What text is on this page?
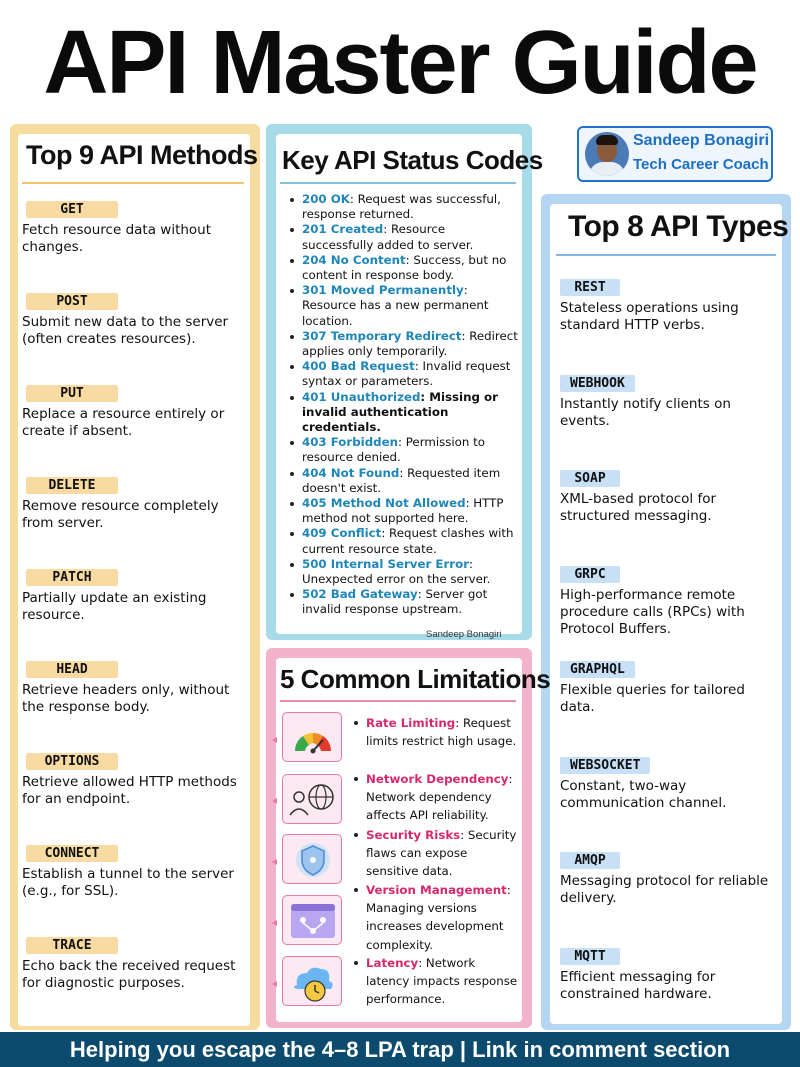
API Master Guide
Sandeep Bonagiri
Tech Career Coach
Top 9 API Methods Key API Status Codes
5 Common Limitations
Top 8 API Types
GET
Fetch resource data without changes.
POST
Submit new data to the server (often creates resources).
PUT
Replace a resource entirely or create if absent.
DELETE
Remove resource completely from server.
PATCH
Partially update an existing resource.
HEAD
Retrieve headers only, without the response body.
OPTIONS
Retrieve allowed HTTP methods for an endpoint.
CONNECT
Establish a tunnel to the server (e.g., for SSL).
TRACE
Echo back the received request for diagnostic purposes.
200 OK: Request was successful, response returned.
201 Created: Resource successfully added to server.
204 No Content: Success, but no content in response body.
301 Moved Permanently: Resource has a new permanent location.
307 Temporary Redirect: Redirect applies only temporarily.
400 Bad Request: Invalid request syntax or parameters.
401 Unauthorized: Missing or invalid authentication credentials.
403 Forbidden: Permission to resource denied.
404 Not Found: Requested item doesn't exist.
405 Method Not Allowed: HTTP method not supported here.
409 Conflict: Request clashes with current resource state.
500 Internal Server Error: Unexpected error on the server.
502 Bad Gateway: Server got invalid response upstream.
Sandeep Bonagiri
Rate Limiting: Request limits restrict high usage.
Network Dependency: Network dependency affects API reliability.
Security Risks: Security flaws can expose sensitive data.
Version Management: Managing versions increases development complexity.
Latency: Network latency impacts response performance.
REST
Stateless operations using standard HTTP verbs.
WEBHOOK
Instantly notify clients on events.
SOAP
XML-based protocol for structured messaging.
GRPC
High-performance remote procedure calls (RPCs) with Protocol Buffers.
GRAPHQL
Flexible queries for tailored data.
WEBSOCKET
Constant, two-way communication channel.
AMQP
Messaging protocol for reliable delivery.
MQTT
Efficient messaging for constrained hardware.
Helping you escape the 4–8 LPA trap | Link in comment section
